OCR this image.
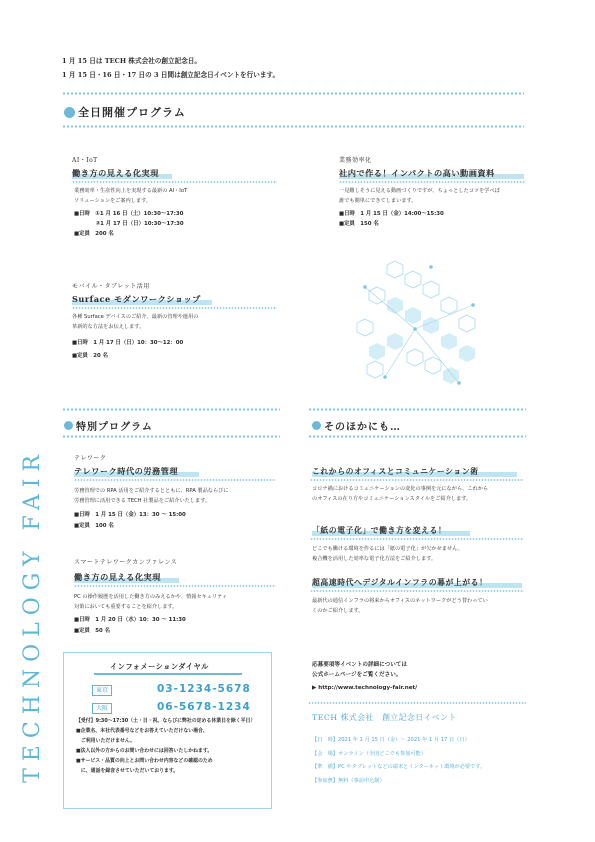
1 月 15 日は TECH 株式会社の創立記念日。
1 月 15 日・16 日・17 日の 3 日間は創立記念日イベントを行います。
全日開催プログラム
AI・IoT
働き方の見える化実現
業務効率・生産性向上を実現する最新の AI・IoT
ソリューションをご案内します。
■日時　①1 月 16 日（土）10:30～17:30
　　　　②1 月 17 日（日）10:30～17:30
■定員　200 名
業務効率化
社内で作る！インパクトの高い動画資料
一見難しそうに見える動画づくりですが、ちょっとしたコツを学べば
誰でも簡単にできてしまいます。
■日時　1 月 15 日（金）14:00～15:30
■定員　150 名
モバイル・タブレット活用
Surface モダンワークショップ
各種 Surface デバイスのご紹介、最新の管理や運用の
革新的な方法をお伝えします。
■日時　1 月 17 日（日）10：30～12：00
■定員　20 名
特別プログラム	そのほかにも…
TECHNOLOGY FAIR	テレワーク
テレワーク時代の労務管理
労務管理での RPA 活用をご紹介するとともに、RPA 製品ならびに
労務管理に活用できる TECH 社製品をご紹介いたします。
■日時　1 月 15 日（金）13：30 ～ 15:00
■定員　100 名
スマートテレワークカンファレンス
働き方の見える化実現
PC の操作履歴を活用した働き方のみえるかや、情報セキュリティ
対策においても重要することを紹介します。
■日時　1 月 20 日（水）10：30 ～ 11:30
■定員　50 名
これからのオフィスとコミュニケーション術
コロナ禍におけるコミュニケーションの変化の事例を元にながら、これから
のオフィスの在り方やコミュニケーションスタイルをご紹介します。
「紙の電子化」で働き方を変える！
どこでも働ける環境を作るには「紙の電子化」が欠かせません。
複合機を活用した効率な電子化方法をご紹介します。
超高速時代へデジタルインフラの幕が上がる！
最新代の通信インフラの将来からオフィスのネットワークがどう替わってい
くのかご紹介します。
インフォメーションダイヤル
東京	03-1234-5678
大阪	06-5678-1234
【受付】9:30～17:30（土・日・祝、ならびに弊社の定める休業日を除く平日）
■企業名、本社代表番号などをお答えていただけない場合、
　ご利用いただけません。
■法人以外の方からのお問い合わせには回答いたしかねます。
■サービス・品質の向上とお問い合わせ内容などの確認のため
　に、通話を録音させていただいております。
応募要項等イベントの詳細については
公式ホームページをご覧ください。
▶ http://www.technology-fair.net/
TECH 株式会社　創立記念日イベント
【日　時】2021 年 1 月 15 日（金）～ 2021 年 1 月 17 日（日）
【会　場】オンライン（全国どこでも参加可能）
【準　備】PC やタブレットなどの端末とインターネット環境が必要です。
【参加費】無料（事前申込制）
